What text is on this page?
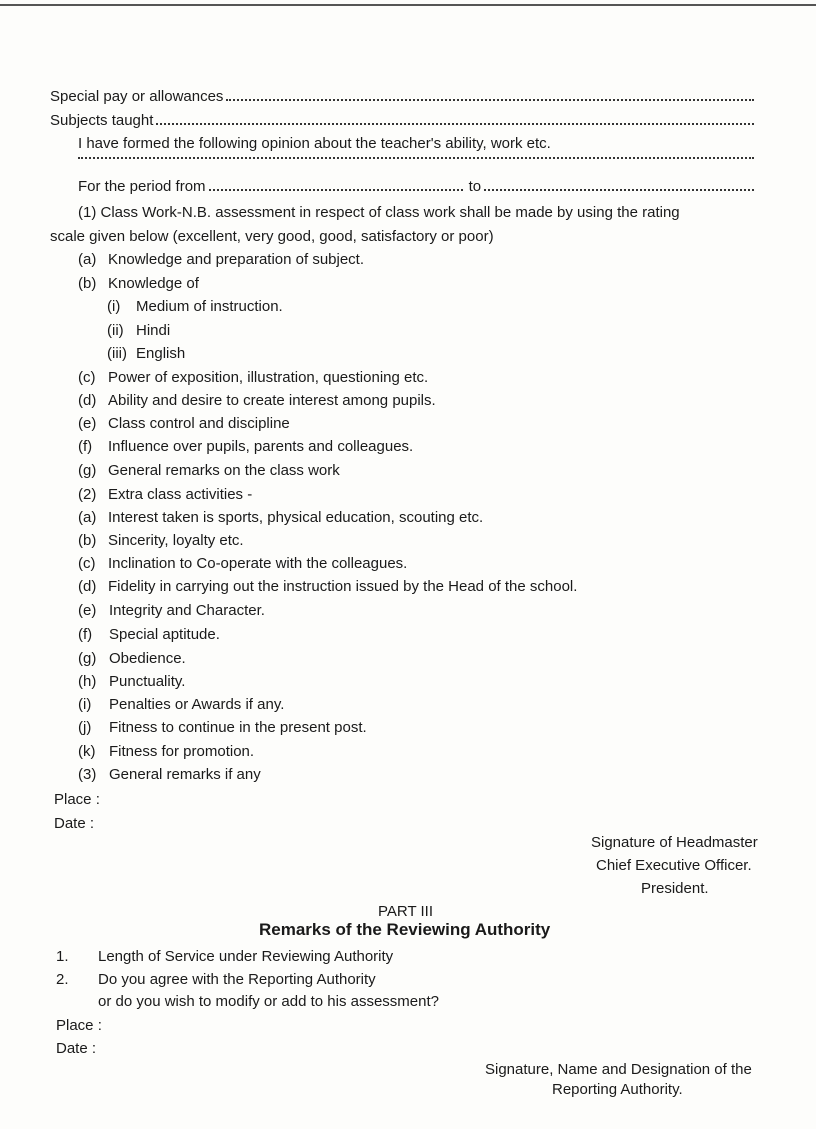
Special pay or allowances
Subjects taught
I have formed the following opinion about the teacher's ability, work etc.
For the period from	to
(1) Class Work-N.B. assessment in respect of class work shall be made by using the rating
scale given below (excellent, very good, good, satisfactory or poor)
(a) Knowledge and preparation of subject.
(b) Knowledge of
(i) Medium of instruction.
(ii) Hindi
(iii) English
(c) Power of exposition, illustration, questioning etc.
(d) Ability and desire to create interest among pupils.
(e) Class control and discipline
(f) Influence over pupils, parents and colleagues.
(g) General remarks on the class work
(2) Extra class activities -
(a) Interest taken is sports, physical education, scouting etc.
(b) Sincerity, loyalty etc.
(c) Inclination to Co-operate with the colleagues.
(d) Fidelity in carrying out the instruction issued by the Head of the school.
(e) Integrity and Character.
(f) Special aptitude.
(g) Obedience.
(h) Punctuality.
(i) Penalties or Awards if any.
(j) Fitness to continue in the present post.
(k) Fitness for promotion.
(3) General remarks if any
Place :
Date :
Signature of Headmaster
Chief Executive Officer.
President.
PART III
Remarks of the Reviewing Authority
1. Length of Service under Reviewing Authority
2. Do you agree with the Reporting Authority
or do you wish to modify or add to his assessment?
Place :
Date :
Signature, Name and Designation of the
Reporting Authority.
